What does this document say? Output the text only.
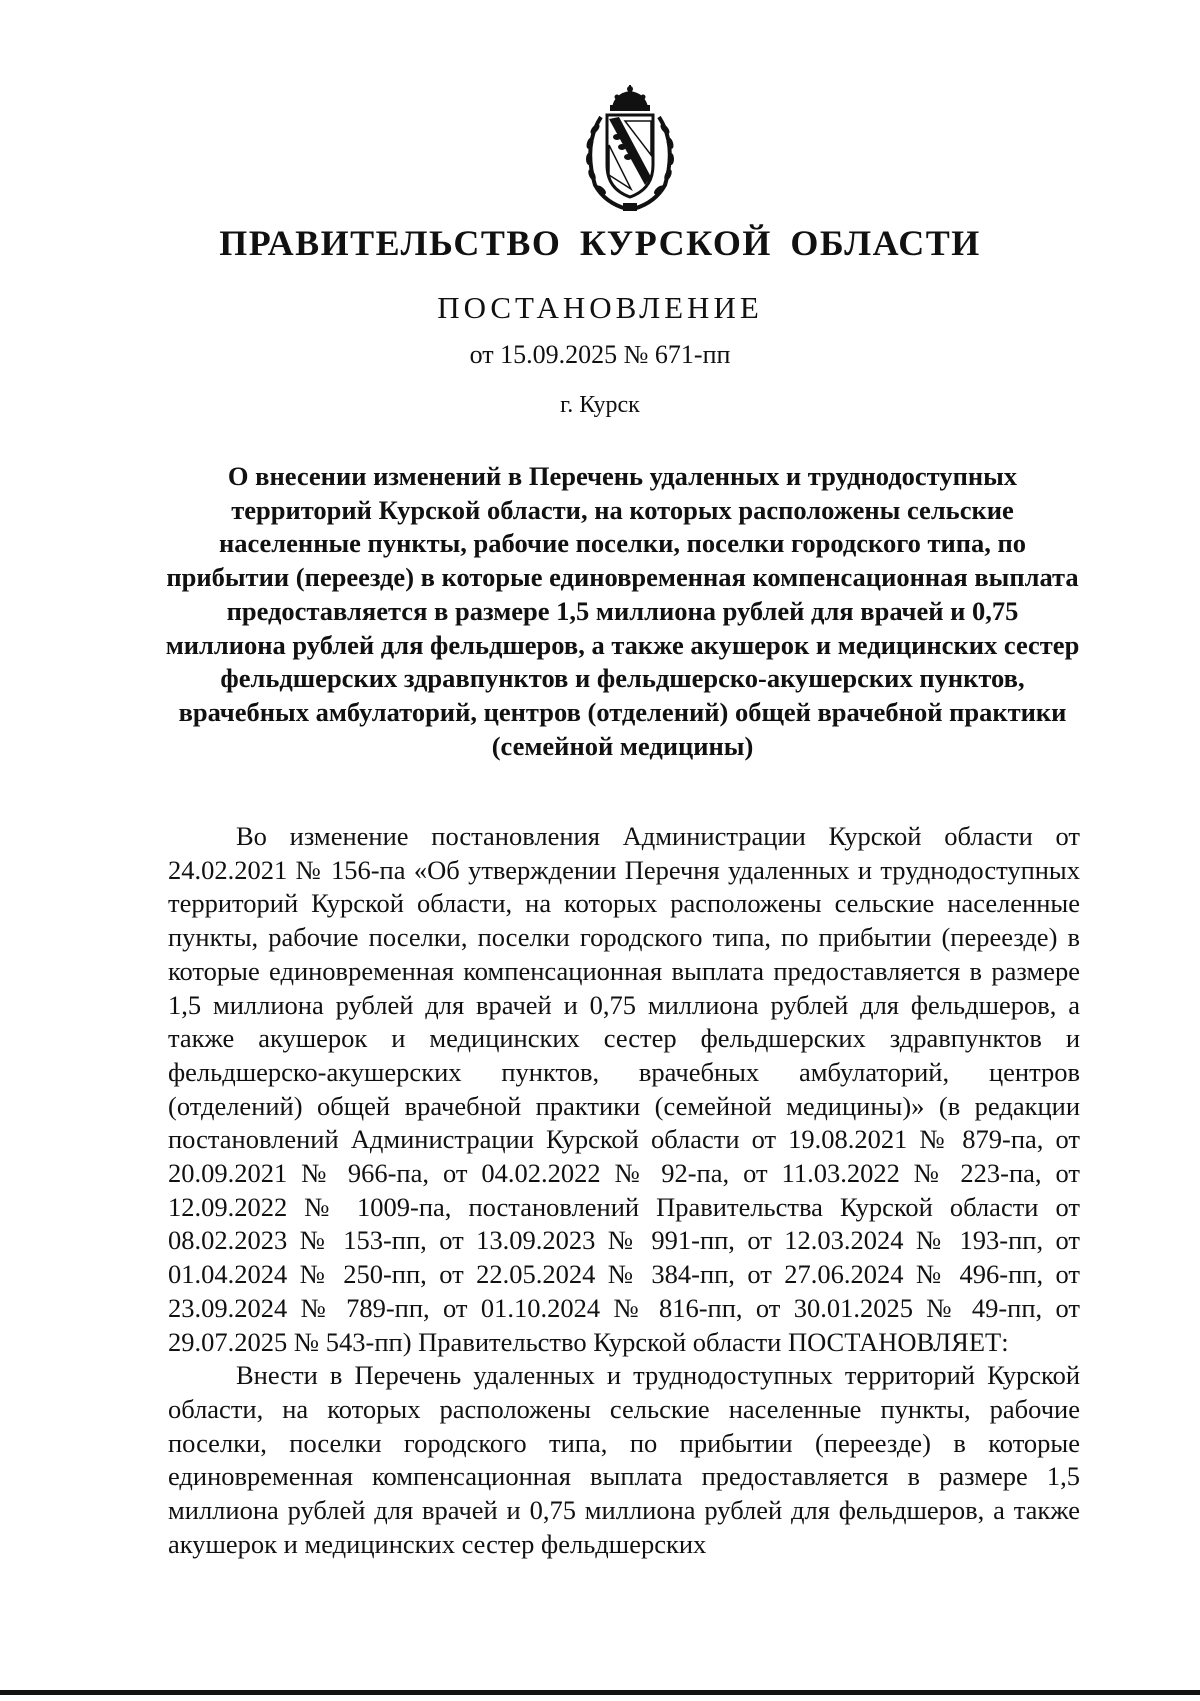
ПРАВИТЕЛЬСТВО КУРСКОЙ ОБЛАСТИ
ПОСТАНОВЛЕНИЕ
от 15.09.2025 № 671-пп
г. Курск
О внесении изменений в Перечень удаленных и труднодоступных территорий Курской области, на которых расположены сельские населенные пункты, рабочие поселки, поселки городского типа, по прибытии (переезде) в которые единовременная компенсационная выплата предоставляется в размере 1,5 миллиона рублей для врачей и 0,75 миллиона рублей для фельдшеров, а также акушерок и медицинских сестер фельдшерских здравпунктов и фельдшерско-акушерских пунктов, врачебных амбулаторий, центров (отделений) общей врачебной практики (семейной медицины)

Во изменение постановления Администрации Курской области от 24.02.2021 № 156-па «Об утверждении Перечня удаленных и труднодоступных территорий Курской области, на которых расположены сельские населенные пункты, рабочие поселки, поселки городского типа, по прибытии (переезде) в которые единовременная компенсационная выплата предоставляется в размере 1,5 миллиона рублей для врачей и 0,75 миллиона рублей для фельдшеров, а также акушерок и медицинских сестер фельдшерских здравпунктов и фельдшерско-акушерских пунктов, врачебных амбулаторий, центров (отделений) общей врачебной практики (семейной медицины)» (в редакции постановлений Администрации Курской области от 19.08.2021 № 879-па, от 20.09.2021 № 966-па, от 04.02.2022 № 92-па, от 11.03.2022 № 223-па, от 12.09.2022 № 1009-па, постановлений Правительства Курской области от 08.02.2023 № 153-пп, от 13.09.2023 № 991-пп, от 12.03.2024 № 193-пп, от 01.04.2024 № 250-пп, от 22.05.2024 № 384-пп, от 27.06.2024 № 496-пп, от 23.09.2024 № 789-пп, от 01.10.2024 № 816-пп, от 30.01.2025 № 49-пп, от 29.07.2025 № 543-пп) Правительство Курской области ПОСТАНОВЛЯЕТ:

Внести в Перечень удаленных и труднодоступных территорий Курской области, на которых расположены сельские населенные пункты, рабочие поселки, поселки городского типа, по прибытии (переезде) в которые единовременная компенсационная выплата предоставляется в размере 1,5 миллиона рублей для врачей и 0,75 миллиона рублей для фельдшеров, а также акушерок и медицинских сестер фельдшерских
